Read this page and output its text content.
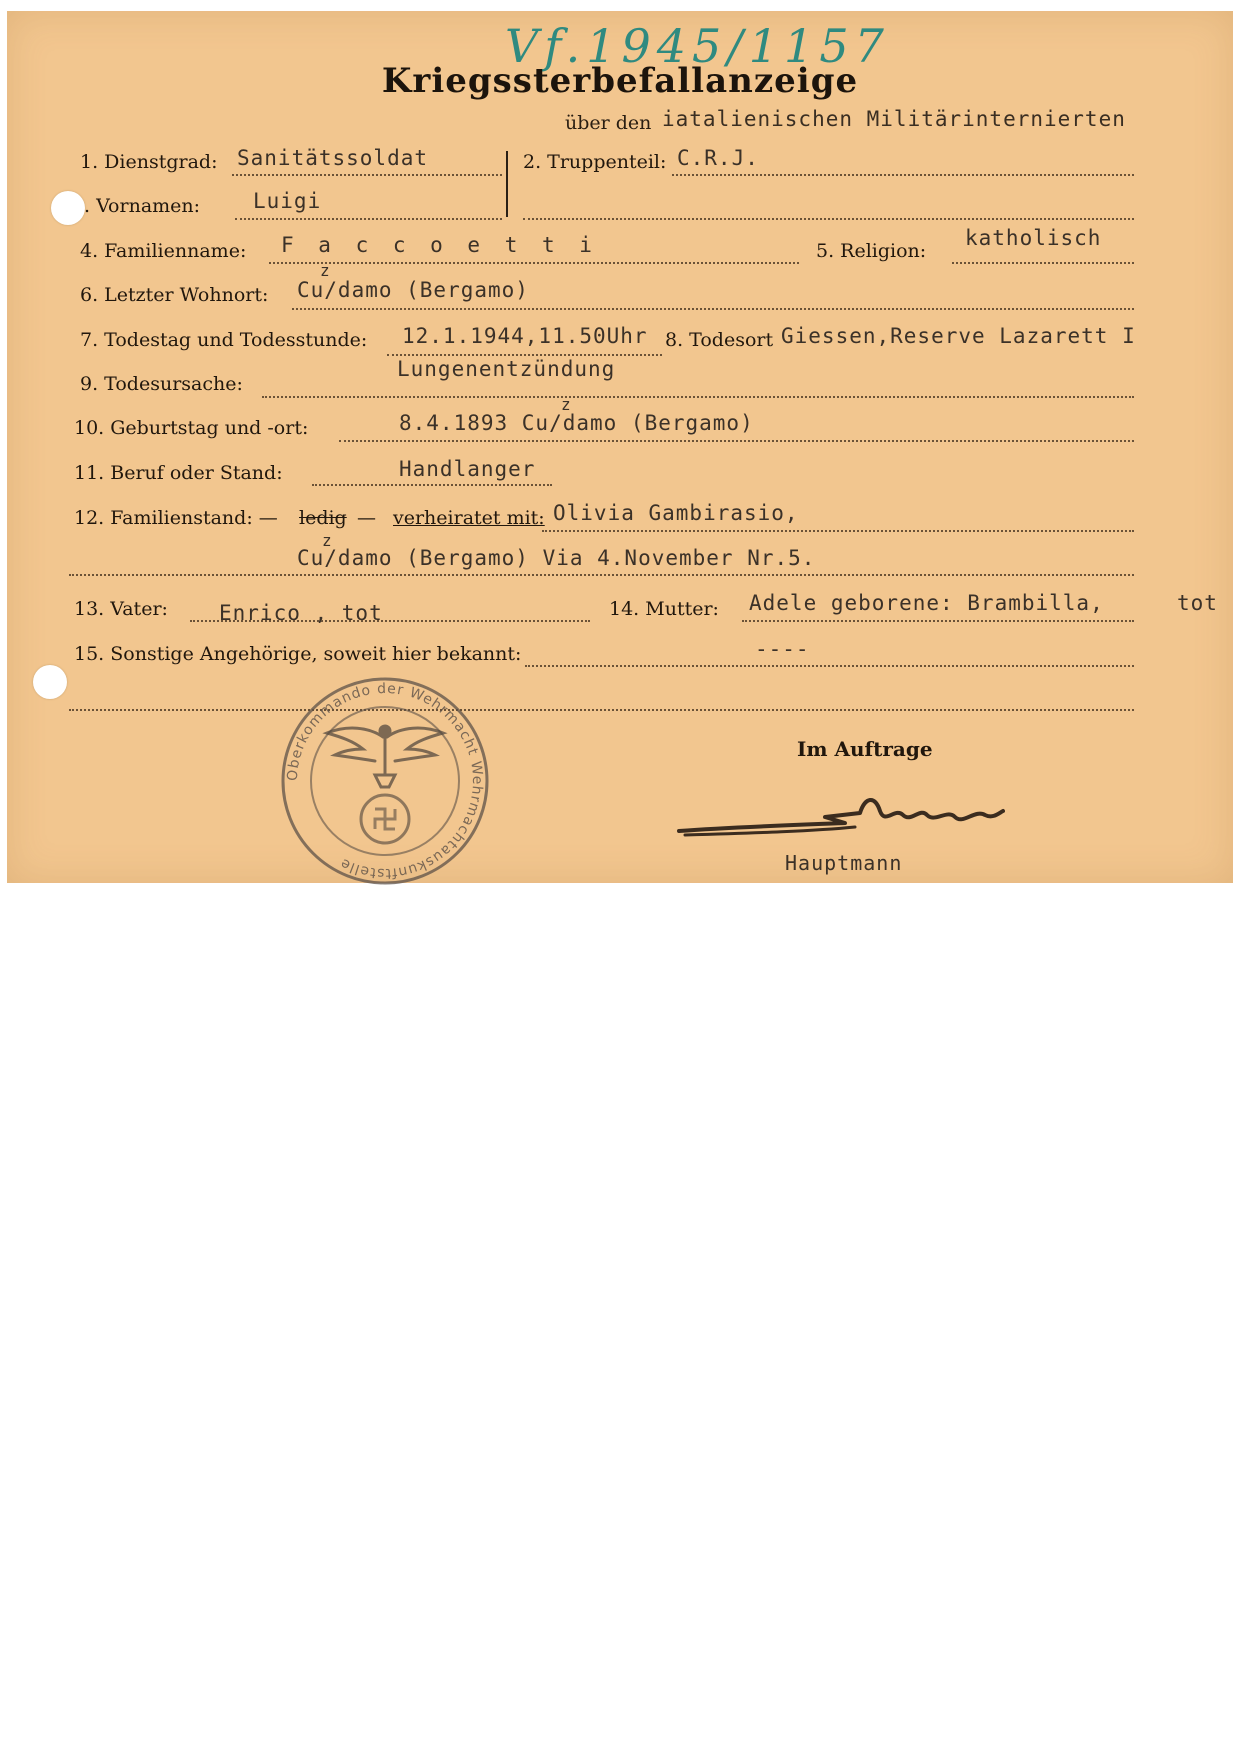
Vf.1945/1157
Kriegssterbefallanzeige
über den iatalienischen Militärinternierten
1. Dienstgrad: Sanitätssoldat	2. Truppenteil: C.R.J.
. Vornamen:	Luigi
4. Familienname: F a c c o e t t i	5. Religion:
katholisch
6. Letzter Wohnort:
z
Cu/damo (Bergamo)
7. Todestag und Todesstunde: 12.1.1944,11.50Uhr 8. Todesort Giessen,Reserve Lazarett I
9. Todesursache:
Lungenentzündung
10. Geburtstag und -ort:
z
8.4.1893 Cu/damo (Bergamo)
11. Beruf oder Stand:	Handlanger
12. Familienstand: — ledig — verheiratet mit: Olivia Gambirasio,
z
Cu/damo (Bergamo) Via 4.November Nr.5.
13. Vater: Enrico , tot	14. Mutter: Adele geborene: Brambilla,	tot
15. Sonstige Angehörige, soweit hier bekannt:	----
Im Auftrage
Hauptmann
Oberkommando der Wehrmacht Wehrmachtauskunftstelle
